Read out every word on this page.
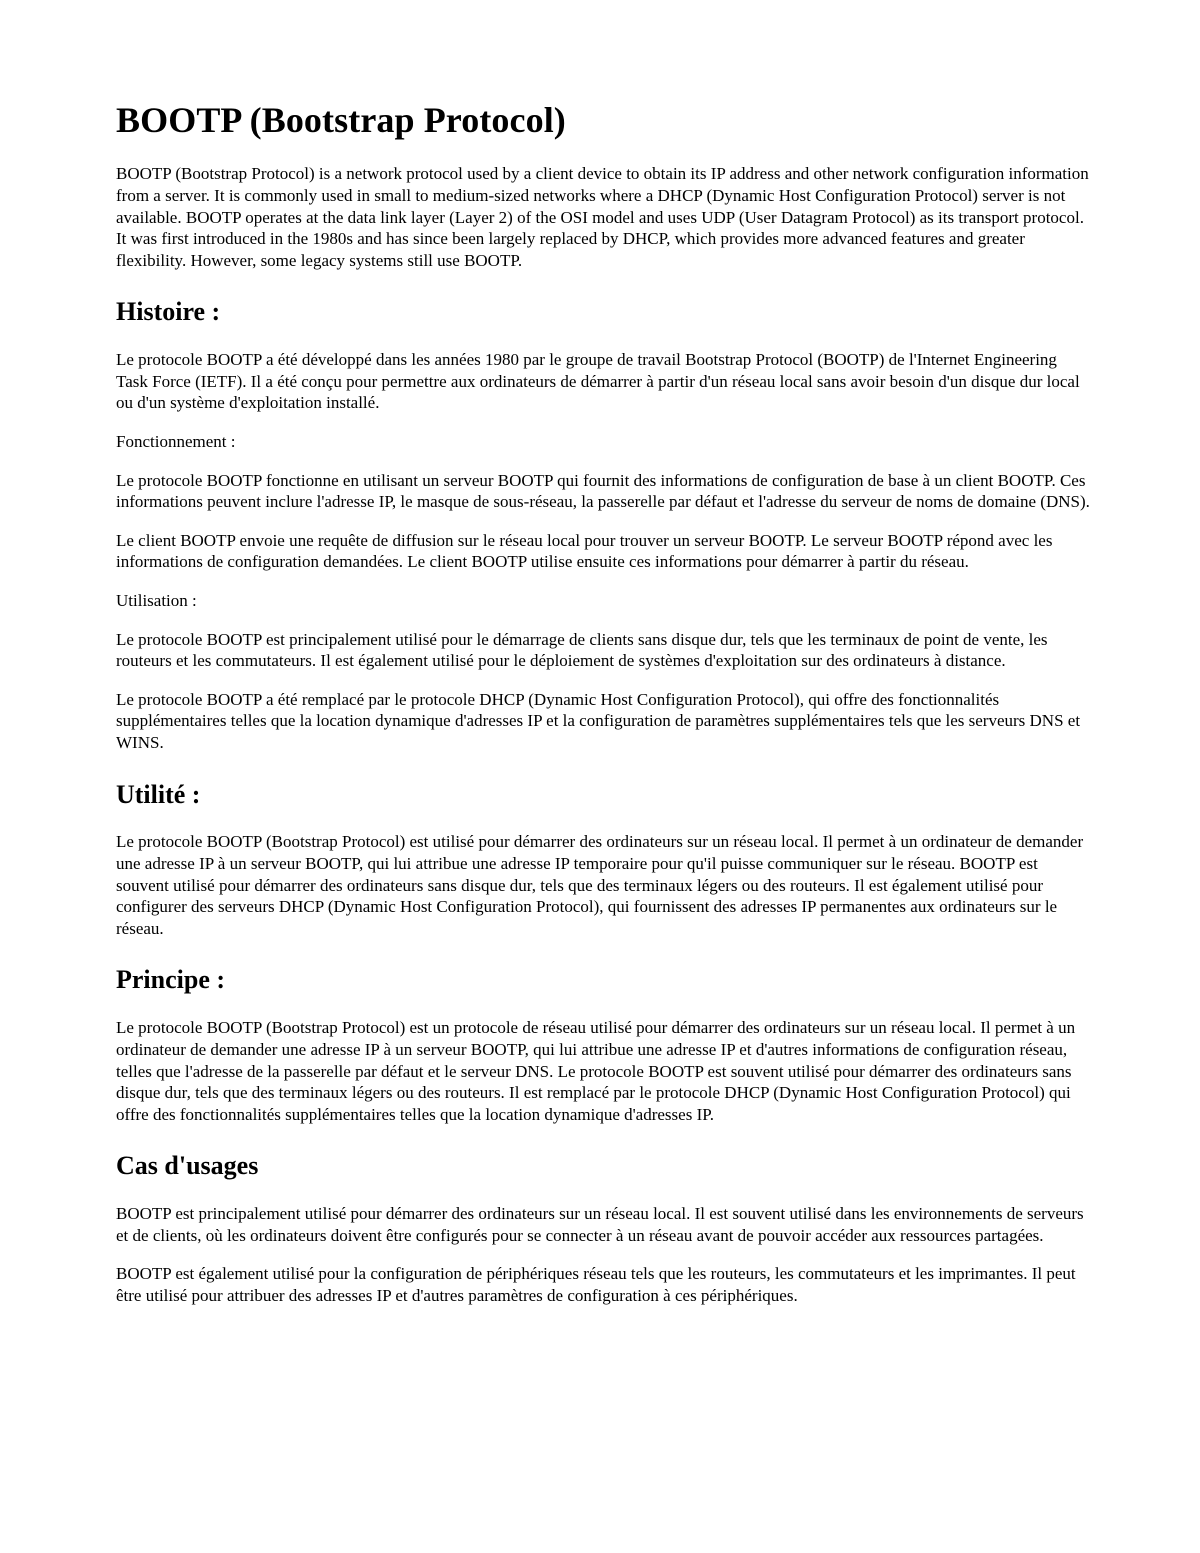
BOOTP (Bootstrap Protocol)

BOOTP (Bootstrap Protocol) is a network protocol used by a client device to obtain its IP address and other network configuration information from a server. It is commonly used in small to medium-sized networks where a DHCP (Dynamic Host Configuration Protocol) server is not available. BOOTP operates at the data link layer (Layer 2) of the OSI model and uses UDP (User Datagram Protocol) as its transport protocol. It was first introduced in the 1980s and has since been largely replaced by DHCP, which provides more advanced features and greater flexibility. However, some legacy systems still use BOOTP.

Histoire :

Le protocole BOOTP a été développé dans les années 1980 par le groupe de travail Bootstrap Protocol (BOOTP) de l'Internet Engineering Task Force (IETF). Il a été conçu pour permettre aux ordinateurs de démarrer à partir d'un réseau local sans avoir besoin d'un disque dur local ou d'un système d'exploitation installé.

Fonctionnement :

Le protocole BOOTP fonctionne en utilisant un serveur BOOTP qui fournit des informations de configuration de base à un client BOOTP. Ces informations peuvent inclure l'adresse IP, le masque de sous-réseau, la passerelle par défaut et l'adresse du serveur de noms de domaine (DNS).

Le client BOOTP envoie une requête de diffusion sur le réseau local pour trouver un serveur BOOTP. Le serveur BOOTP répond avec les informations de configuration demandées. Le client BOOTP utilise ensuite ces informations pour démarrer à partir du réseau.

Utilisation :

Le protocole BOOTP est principalement utilisé pour le démarrage de clients sans disque dur, tels que les terminaux de point de vente, les routeurs et les commutateurs. Il est également utilisé pour le déploiement de systèmes d'exploitation sur des ordinateurs à distance.

Le protocole BOOTP a été remplacé par le protocole DHCP (Dynamic Host Configuration Protocol), qui offre des fonctionnalités supplémentaires telles que la location dynamique d'adresses IP et la configuration de paramètres supplémentaires tels que les serveurs DNS et WINS.

Utilité :

Le protocole BOOTP (Bootstrap Protocol) est utilisé pour démarrer des ordinateurs sur un réseau local. Il permet à un ordinateur de demander une adresse IP à un serveur BOOTP, qui lui attribue une adresse IP temporaire pour qu'il puisse communiquer sur le réseau. BOOTP est souvent utilisé pour démarrer des ordinateurs sans disque dur, tels que des terminaux légers ou des routeurs. Il est également utilisé pour configurer des serveurs DHCP (Dynamic Host Configuration Protocol), qui fournissent des adresses IP permanentes aux ordinateurs sur le réseau.

Principe :

Le protocole BOOTP (Bootstrap Protocol) est un protocole de réseau utilisé pour démarrer des ordinateurs sur un réseau local. Il permet à un ordinateur de demander une adresse IP à un serveur BOOTP, qui lui attribue une adresse IP et d'autres informations de configuration réseau, telles que l'adresse de la passerelle par défaut et le serveur DNS. Le protocole BOOTP est souvent utilisé pour démarrer des ordinateurs sans disque dur, tels que des terminaux légers ou des routeurs. Il est remplacé par le protocole DHCP (Dynamic Host Configuration Protocol) qui offre des fonctionnalités supplémentaires telles que la location dynamique d'adresses IP.

Cas d'usages

BOOTP est principalement utilisé pour démarrer des ordinateurs sur un réseau local. Il est souvent utilisé dans les environnements de serveurs et de clients, où les ordinateurs doivent être configurés pour se connecter à un réseau avant de pouvoir accéder aux ressources partagées.

BOOTP est également utilisé pour la configuration de périphériques réseau tels que les routeurs, les commutateurs et les imprimantes. Il peut être utilisé pour attribuer des adresses IP et d'autres paramètres de configuration à ces périphériques.
